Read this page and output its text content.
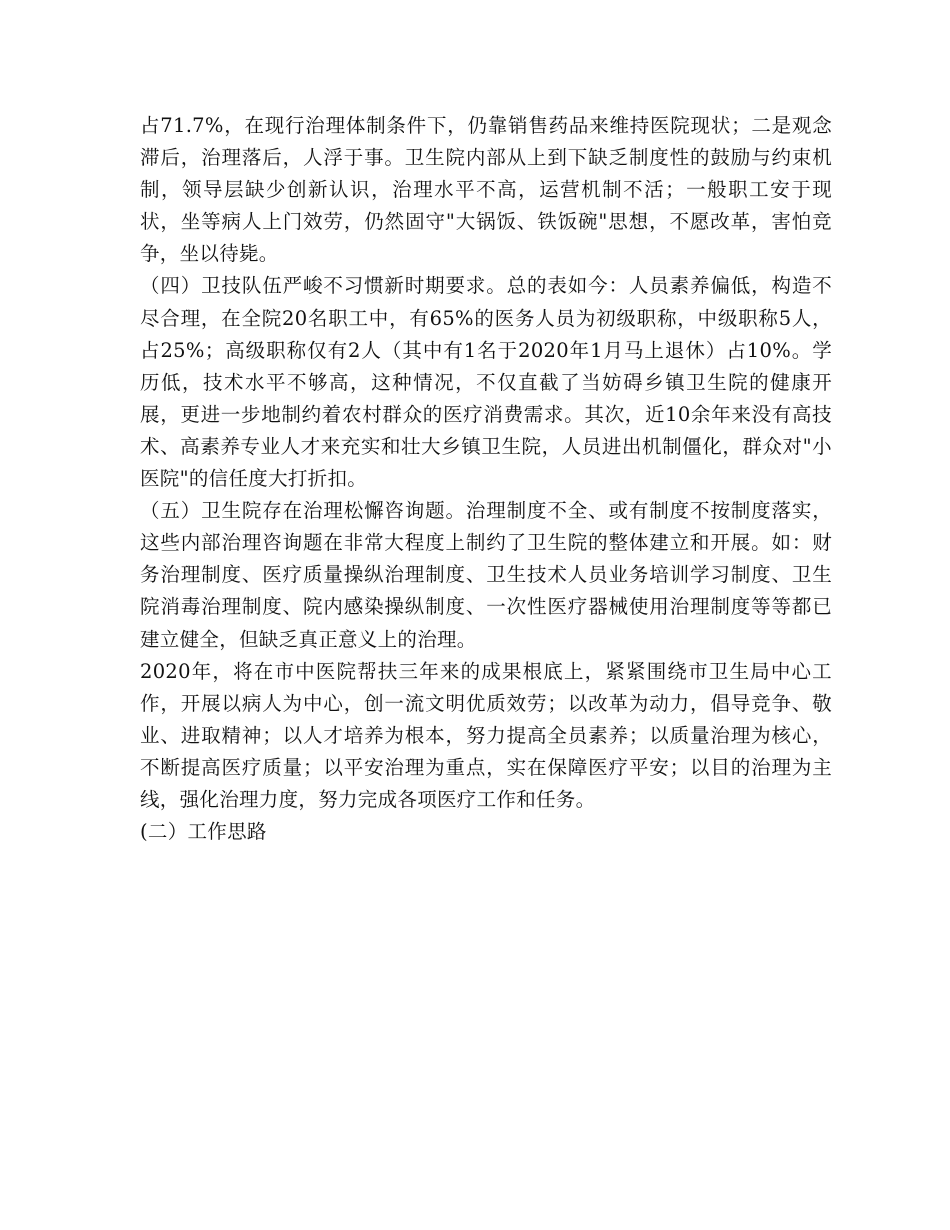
占71.7%，在现行治理体制条件下，仍靠销售药品来维持医院现状；二是观念滞后，治理落后，人浮于事。卫生院内部从上到下缺乏制度性的鼓励与约束机制，领导层缺少创新认识，治理水平不高，运营机制不活；一般职工安于现状，坐等病人上门效劳，仍然固守"大锅饭、铁饭碗"思想，不愿改革，害怕竞争，坐以待毙。

（四）卫技队伍严峻不习惯新时期要求。总的表如今：人员素养偏低，构造不尽合理，在全院20名职工中，有65%的医务人员为初级职称，中级职称5人，占25%；高级职称仅有2人（其中有1名于2020年1月马上退休）占10%。学历低，技术水平不够高，这种情况，不仅直截了当妨碍乡镇卫生院的健康开展，更进一步地制约着农村群众的医疗消费需求。其次，近10余年来没有高技术、高素养专业人才来充实和壮大乡镇卫生院，人员进出机制僵化，群众对"小医院"的信任度大打折扣。

（五）卫生院存在治理松懈咨询题。治理制度不全、或有制度不按制度落实，这些内部治理咨询题在非常大程度上制约了卫生院的整体建立和开展。如：财务治理制度、医疗质量操纵治理制度、卫生技术人员业务培训学习制度、卫生院消毒治理制度、院内感染操纵制度、一次性医疗器械使用治理制度等等都已建立健全，但缺乏真正意义上的治理。

2020年，将在市中医院帮扶三年来的成果根底上，紧紧围绕市卫生局中心工作，开展以病人为中心，创一流文明优质效劳；以改革为动力，倡导竞争、敬业、进取精神；以人才培养为根本，努力提高全员素养；以质量治理为核心，不断提高医疗质量；以平安治理为重点，实在保障医疗平安；以目的治理为主线，强化治理力度，努力完成各项医疗工作和任务。

(二）工作思路
